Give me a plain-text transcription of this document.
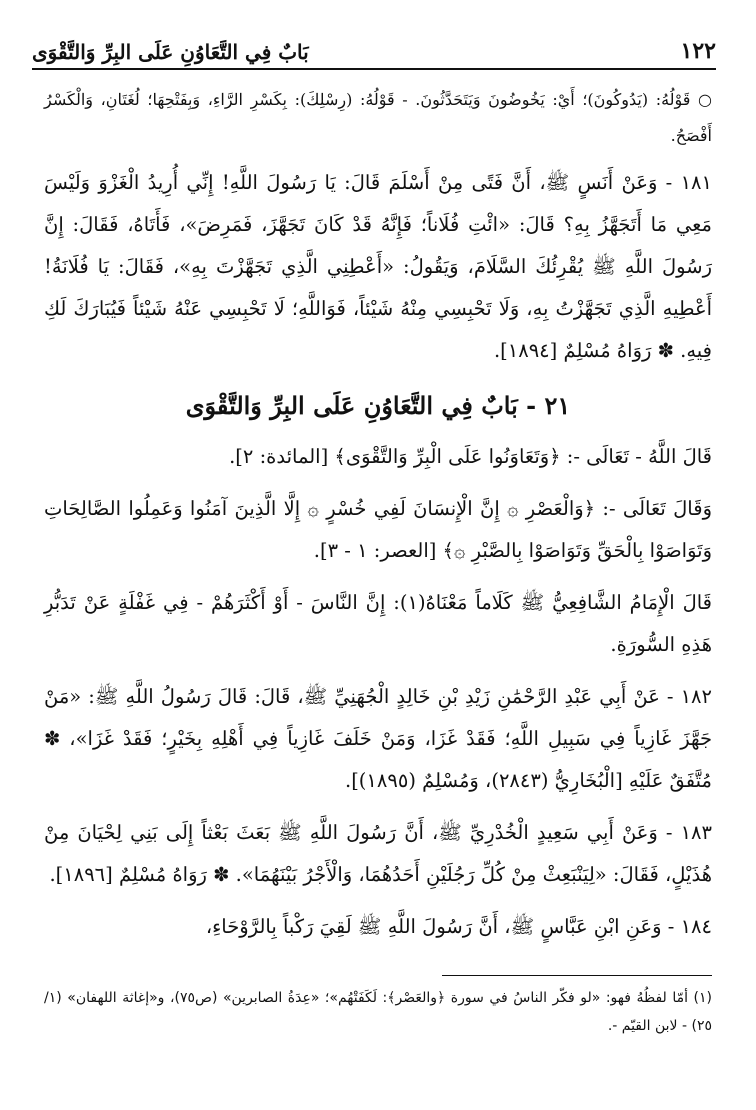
١٢٢
بَابٌ فِي التَّعَاوُنِ عَلَى البِرِّ وَالتَّقْوَى

○ قَوْلُهُ: (يَدُوكُونَ)؛ أَيْ: يَخُوضُونَ وَيَتَحَدَّثُونَ. - قَوْلُهُ: (رِسْلِكَ): بِكَسْرِ الرَّاءِ، وَبِفَتْحِهَا؛ لُغَتَانِ، وَالْكَسْرُ أَفْصَحُ.

١٨١ - وَعَنْ أَنَسٍ ﷺ، أَنَّ فَتًى مِنْ أَسْلَمَ قَالَ: يَا رَسُولَ اللَّهِ! إِنِّي أُرِيدُ الْغَزْوَ وَلَيْسَ مَعِي مَا أَتَجَهَّزُ بِهِ؟ قَالَ: «ائْتِ فُلَاناً؛ فَإِنَّهُ قَدْ كَانَ تَجَهَّزَ، فَمَرِضَ»، فَأَتَاهُ، فَقَالَ: إِنَّ رَسُولَ اللَّهِ ﷺ يُقْرِئُكَ السَّلَامَ، وَيَقُولُ: «أَعْطِنِي الَّذِي تَجَهَّزْتَ بِهِ»، فَقَالَ: يَا فُلَانَةُ! أَعْطِيهِ الَّذِي تَجَهَّزْتُ بِهِ، وَلَا تَحْبِسِي مِنْهُ شَيْئاً، فَوَاللَّهِ؛ لَا تَحْبِسِي عَنْهُ شَيْئاً فَيُبَارَكَ لَكِ فِيهِ. ✽ رَوَاهُ مُسْلِمٌ [١٨٩٤].

٢١ - بَابٌ فِي التَّعَاوُنِ عَلَى البِرِّ وَالتَّقْوَى

قَالَ اللَّهُ - تَعَالَى -: ﴿وَتَعَاوَنُوا عَلَى الْبِرِّ وَالتَّقْوَى﴾ [المائدة: ٢].

وَقَالَ تَعَالَى -: ﴿وَالْعَصْرِ ۞ إِنَّ الْإِنسَانَ لَفِي خُسْرٍ ۞ إِلَّا الَّذِينَ آمَنُوا وَعَمِلُوا الصَّالِحَاتِ وَتَوَاصَوْا بِالْحَقِّ وَتَوَاصَوْا بِالصَّبْرِ ۞﴾ [العصر: ١ - ٣].

قَالَ الْإِمَامُ الشَّافِعِيُّ ﷺ كَلَاماً مَعْنَاهُ(١): إِنَّ النَّاسَ - أَوْ أَكْثَرَهُمْ - فِي غَفْلَةٍ عَنْ تَدَبُّرِ هَذِهِ السُّورَةِ.

١٨٢ - عَنْ أَبِي عَبْدِ الرَّحْمَٰنِ زَيْدِ بْنِ خَالِدٍ الْجُهَنِيِّ ﷺ، قَالَ: قَالَ رَسُولُ اللَّهِ ﷺ: «مَنْ جَهَّزَ غَازِياً فِي سَبِيلِ اللَّهِ؛ فَقَدْ غَزَا، وَمَنْ خَلَفَ غَازِياً فِي أَهْلِهِ بِخَيْرٍ؛ فَقَدْ غَزَا»، ✽ مُتَّفَقٌ عَلَيْهِ [الْبُخَارِيُّ (٢٨٤٣)، وَمُسْلِمٌ (١٨٩٥)].

١٨٣ - وَعَنْ أَبِي سَعِيدٍ الْخُدْرِيِّ ﷺ، أَنَّ رَسُولَ اللَّهِ ﷺ بَعَثَ بَعْثاً إِلَى بَنِي لِحْيَانَ مِنْ هُذَيْلٍ، فَقَالَ: «لِيَنْبَعِثْ مِنْ كُلِّ رَجُلَيْنِ أَحَدُهُمَا، وَالْأَجْرُ بَيْنَهُمَا». ✽ رَوَاهُ مُسْلِمٌ [١٨٩٦].

١٨٤ - وَعَنِ ابْنِ عَبَّاسٍ ﷺ، أَنَّ رَسُولَ اللَّهِ ﷺ لَقِيَ رَكْباً بِالرَّوْحَاءِ،

(١) أمّا لفظُهُ فهو: «لو فكّر الناسُ في سورة ﴿والعَصْر﴾: لَكَفَتْهُم»؛ «عِدَةُ الصابرين» (ص٧٥)، و«إغاثة اللهفان» (١/ ٢٥) - لابن القيّم -.
